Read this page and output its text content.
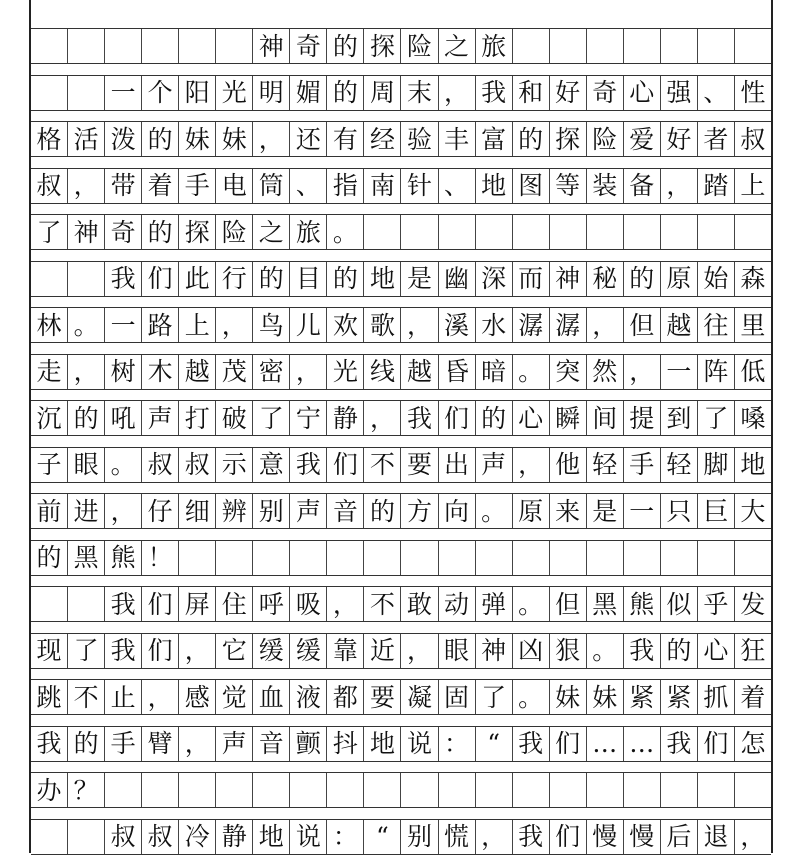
神 奇 的 探 险 之 旅
一 个 阳 光 明 媚 的 周 末 ， 我 和 好 奇 心 强 、 性
格 活 泼 的 妹 妹 ， 还 有 经 验 丰 富 的 探 险 爱 好 者 叔
叔 ， 带 着 手 电 筒 、 指 南 针 、 地 图 等 装 备 ， 踏 上
了 神 奇 的 探 险 之 旅 。
我 们 此 行 的 目 的 地 是 幽 深 而 神 秘 的 原 始 森
林 。 一 路 上 ， 鸟 儿 欢 歌 ， 溪 水 潺 潺 ， 但 越 往 里
走 ， 树 木 越 茂 密 ， 光 线 越 昏 暗 。 突 然 ， 一 阵 低
沉 的 吼 声 打 破 了 宁 静 ， 我 们 的 心 瞬 间 提 到 了 嗓
子 眼 。 叔 叔 示 意 我 们 不 要 出 声 ， 他 轻 手 轻 脚 地
前 进 ， 仔 细 辨 别 声 音 的 方 向 。 原 来 是 一 只 巨 大
的 黑 熊 ！
我 们 屏 住 呼 吸 ， 不 敢 动 弹 。 但 黑 熊 似 乎 发
现 了 我 们 ， 它 缓 缓 靠 近 ， 眼 神 凶 狠 。 我 的 心 狂
跳 不 止 ， 感 觉 血 液 都 要 凝 固 了 。 妹 妹 紧 紧 抓 着
我 的 手 臂 ， 声 音 颤 抖 地 说 ： “ 我 们 … … 我 们 怎
办 ？
叔 叔 冷 静 地 说 ： “ 别 慌 ， 我 们 慢 慢 后 退 ，
